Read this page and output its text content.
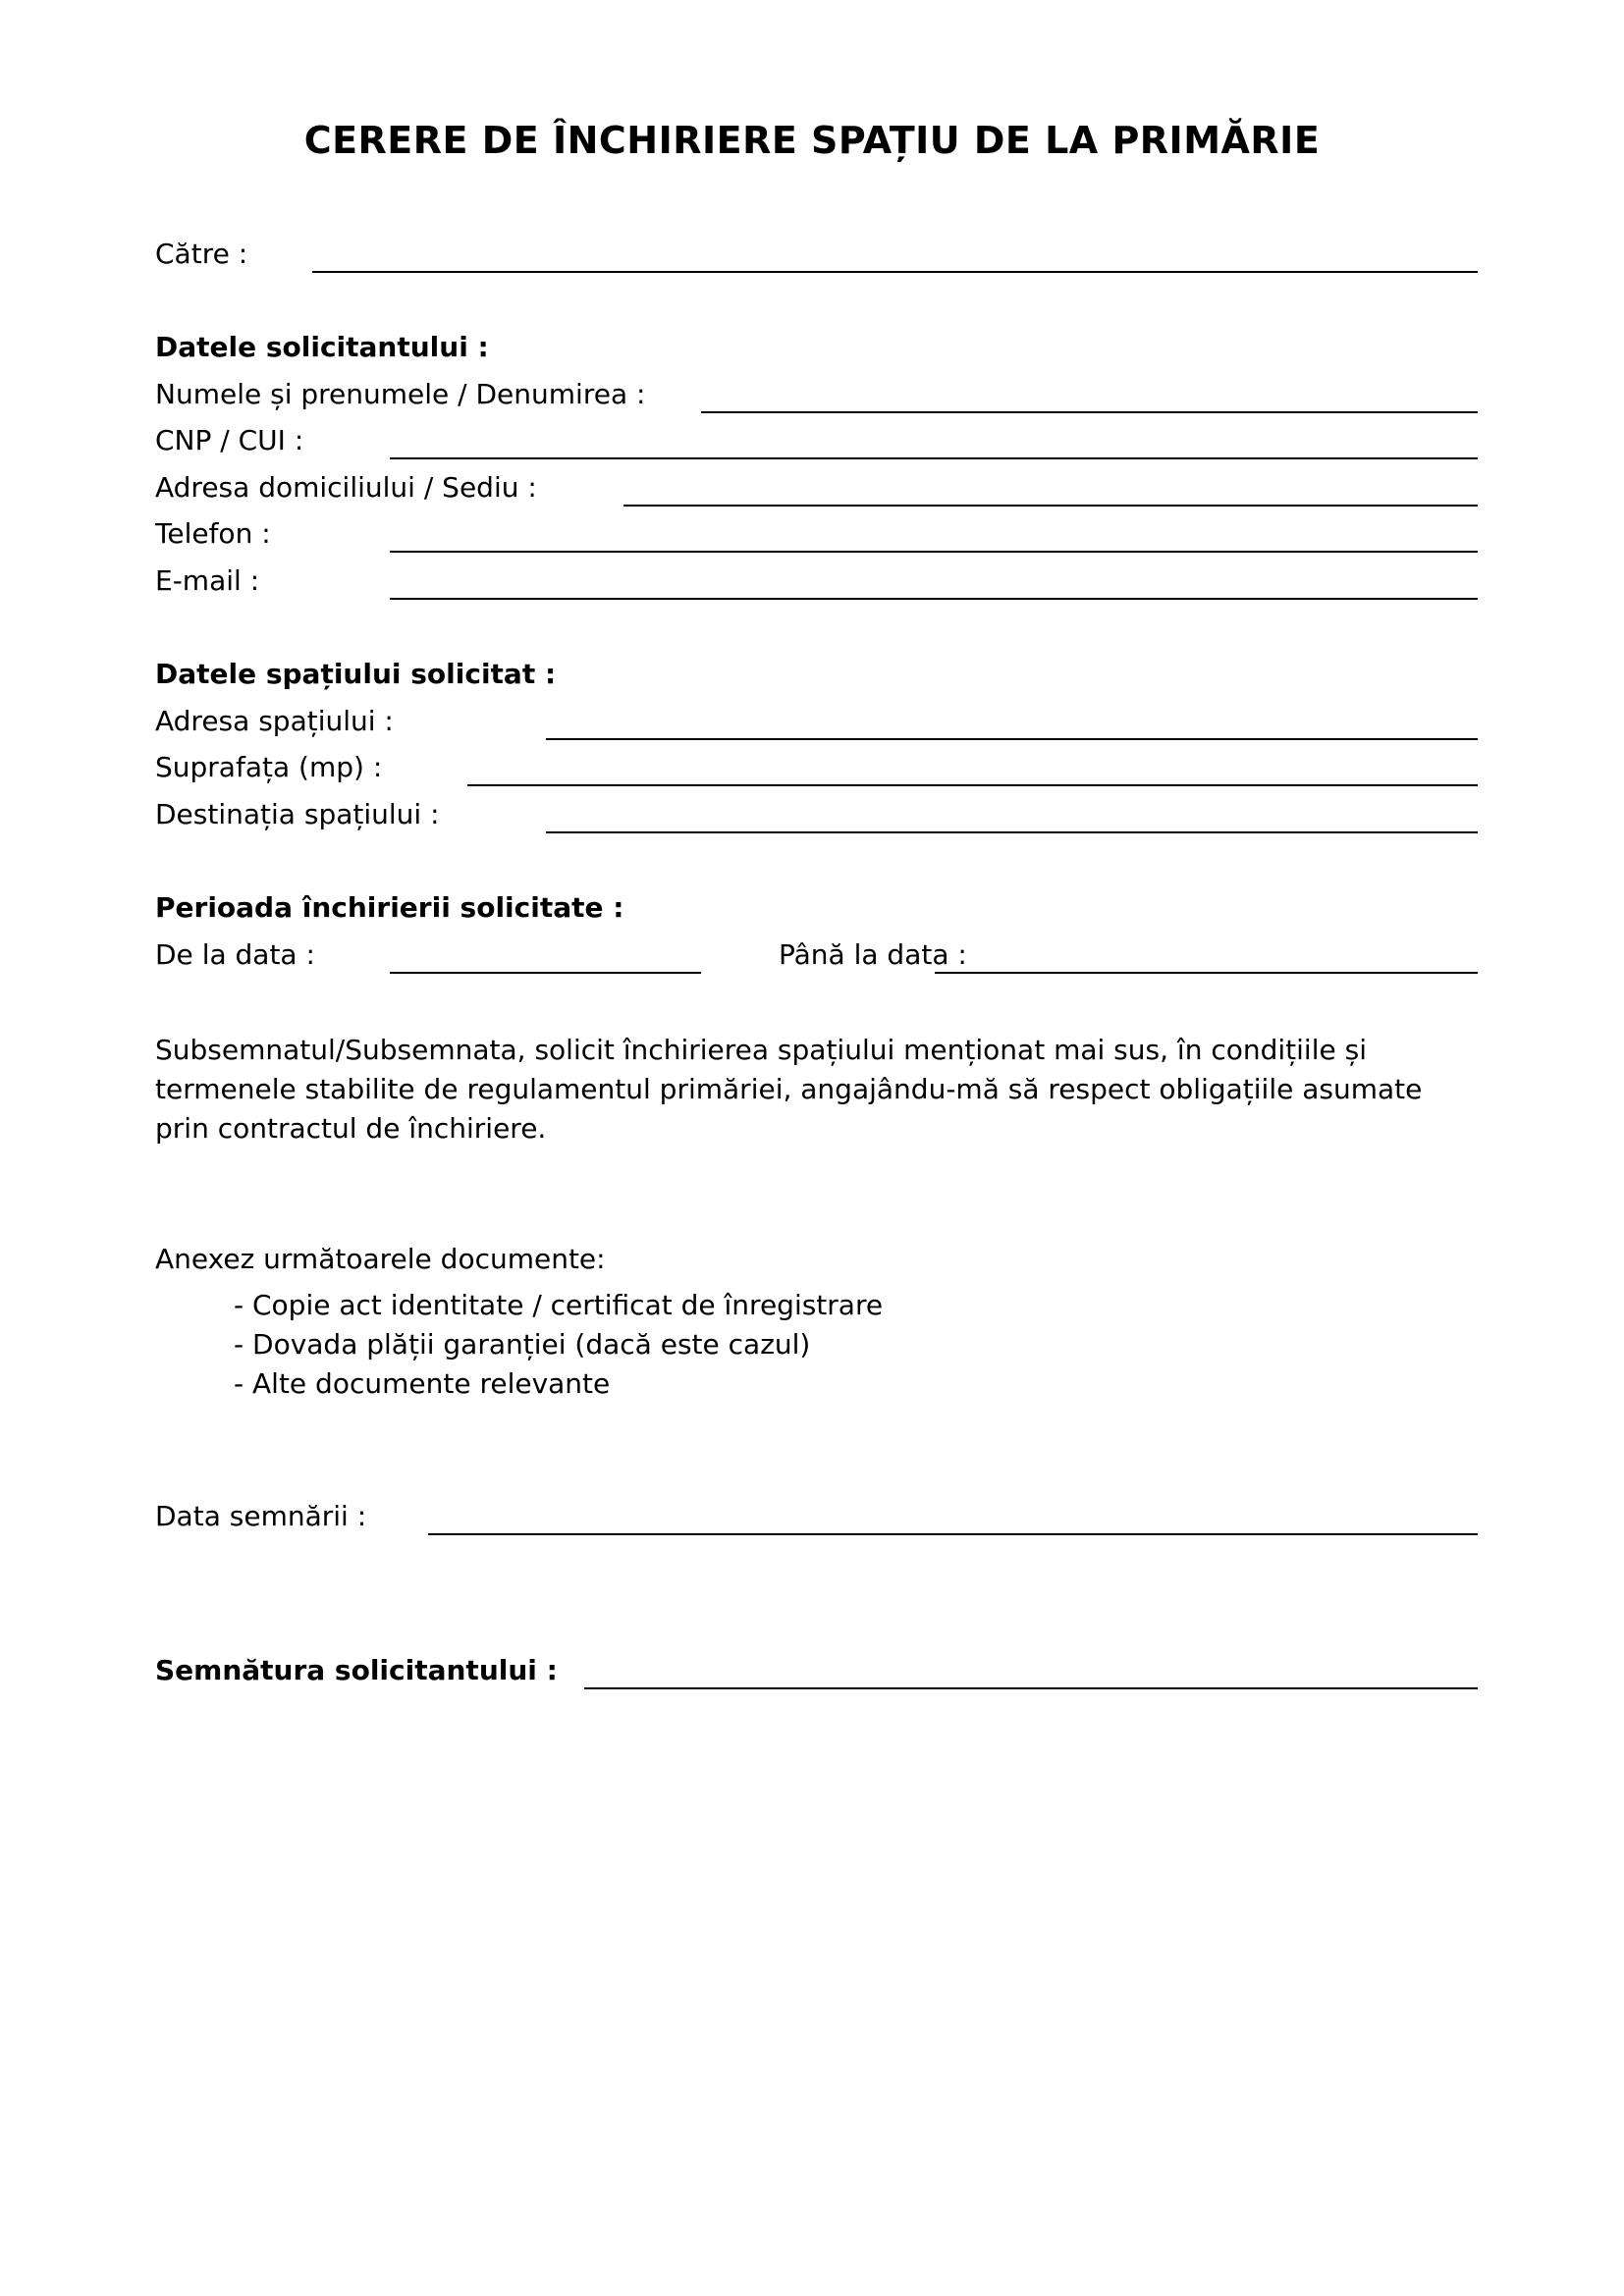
CERERE DE ÎNCHIRIERE SPAȚIU DE LA PRIMĂRIE
Către :
Datele solicitantului :
Numele și prenumele / Denumirea :
CNP / CUI :
Adresa domiciliului / Sediu :
Telefon :
E-mail :
Datele spațiului solicitat :
Adresa spațiului :
Suprafața (mp) :
Destinația spațiului :
Perioada închirierii solicitate :
De la data :	Până la data :
Subsemnatul/Subsemnata, solicit închirierea spațiului menționat mai sus, în condițiile și termenele stabilite de regulamentul primăriei, angajându-mă să respect obligațiile asumate prin contractul de închiriere.
Anexez următoarele documente:
- Copie act identitate / certificat de înregistrare
- Dovada plății garanției (dacă este cazul)
- Alte documente relevante
Data semnării :
Semnătura solicitantului :
